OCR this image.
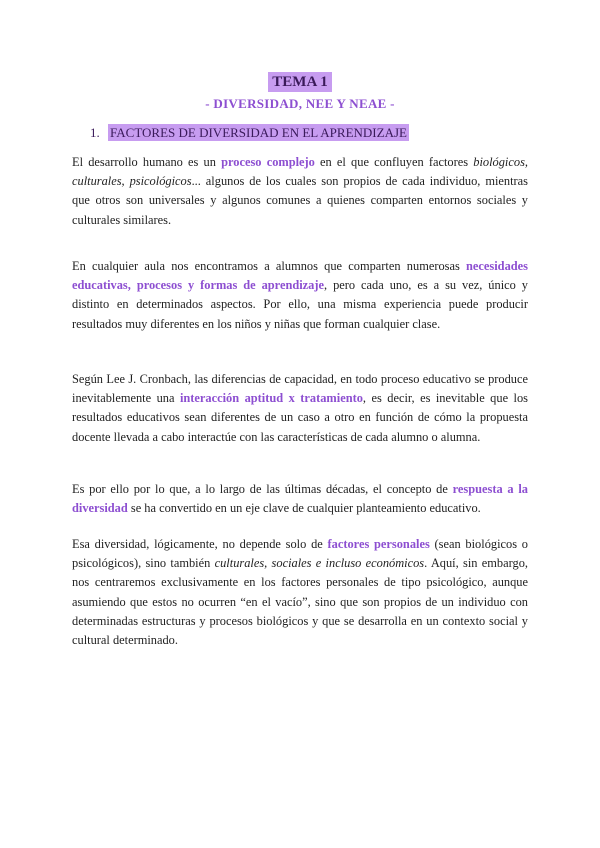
TEMA 1
- DIVERSIDAD, NEE Y NEAE -
1. FACTORES DE DIVERSIDAD EN EL APRENDIZAJE

El desarrollo humano es un proceso complejo en el que confluyen factores biológicos, culturales, psicológicos... algunos de los cuales son propios de cada individuo, mientras que otros son universales y algunos comunes a quienes comparten entornos sociales y culturales similares.

En cualquier aula nos encontramos a alumnos que comparten numerosas necesidades educativas, procesos y formas de aprendizaje, pero cada uno, es a su vez, único y distinto en determinados aspectos. Por ello, una misma experiencia puede producir resultados muy diferentes en los niños y niñas que forman cualquier clase.

Según Lee J. Cronbach, las diferencias de capacidad, en todo proceso educativo se produce inevitablemente una interacción aptitud x tratamiento, es decir, es inevitable que los resultados educativos sean diferentes de un caso a otro en función de cómo la propuesta docente llevada a cabo interactúe con las características de cada alumno o alumna.

Es por ello por lo que, a lo largo de las últimas décadas, el concepto de respuesta a la diversidad se ha convertido en un eje clave de cualquier planteamiento educativo.

Esa diversidad, lógicamente, no depende solo de factores personales (sean biológicos o psicológicos), sino también culturales, sociales e incluso económicos. Aquí, sin embargo, nos centraremos exclusivamente en los factores personales de tipo psicológico, aunque asumiendo que estos no ocurren “en el vacío”, sino que son propios de un individuo con determinadas estructuras y procesos biológicos y que se desarrolla en un contexto social y cultural determinado.
